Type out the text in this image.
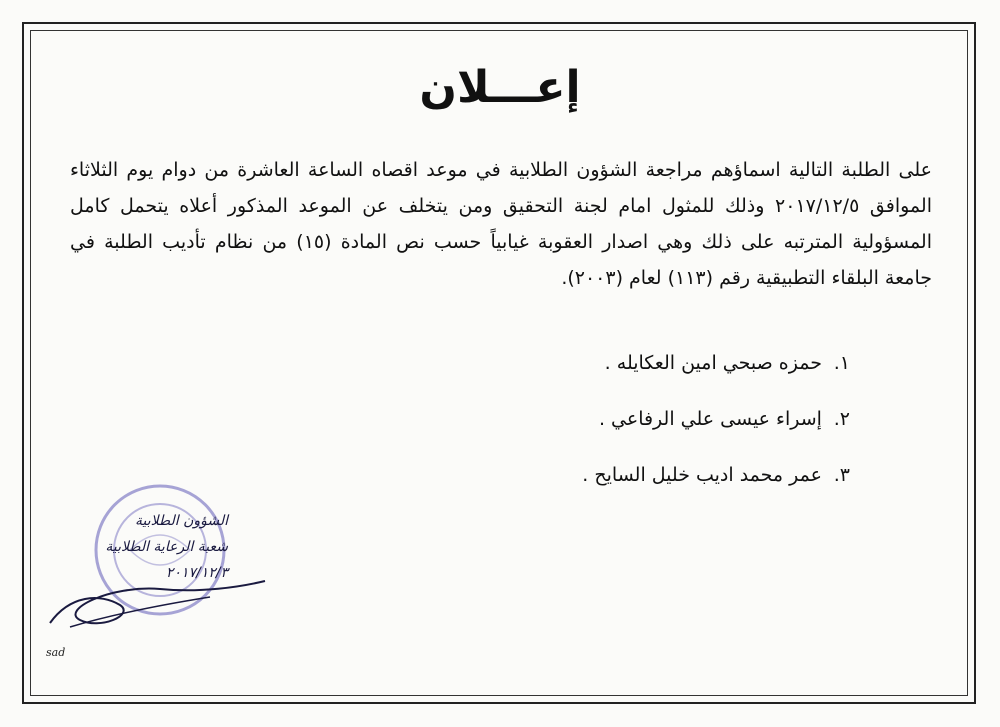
إعـــلان

على الطلبة التالية اسماؤهم مراجعة الشؤون الطلابية في موعد اقصاه الساعة العاشرة من دوام يوم الثلاثاء الموافق ٢٠١٧/١٢/٥ وذلك للمثول امام لجنة التحقيق ومن يتخلف عن الموعد المذكور أعلاه يتحمل كامل المسؤولية المترتبه على ذلك وهي اصدار العقوبة غيابياً حسب نص المادة (١٥) من نظام تأديب الطلبة في جامعة البلقاء التطبيقية رقم (١١٣) لعام (٢٠٠٣).

١. حمزه صبحي امين العكايله .
٢. إسراء عيسى علي الرفاعي .
٣. عمر محمد اديب خليل السايح .
الشؤون الطلابية
شعبة الرعاية الطلابية
٢٠١٧/١٢/٣
sad
